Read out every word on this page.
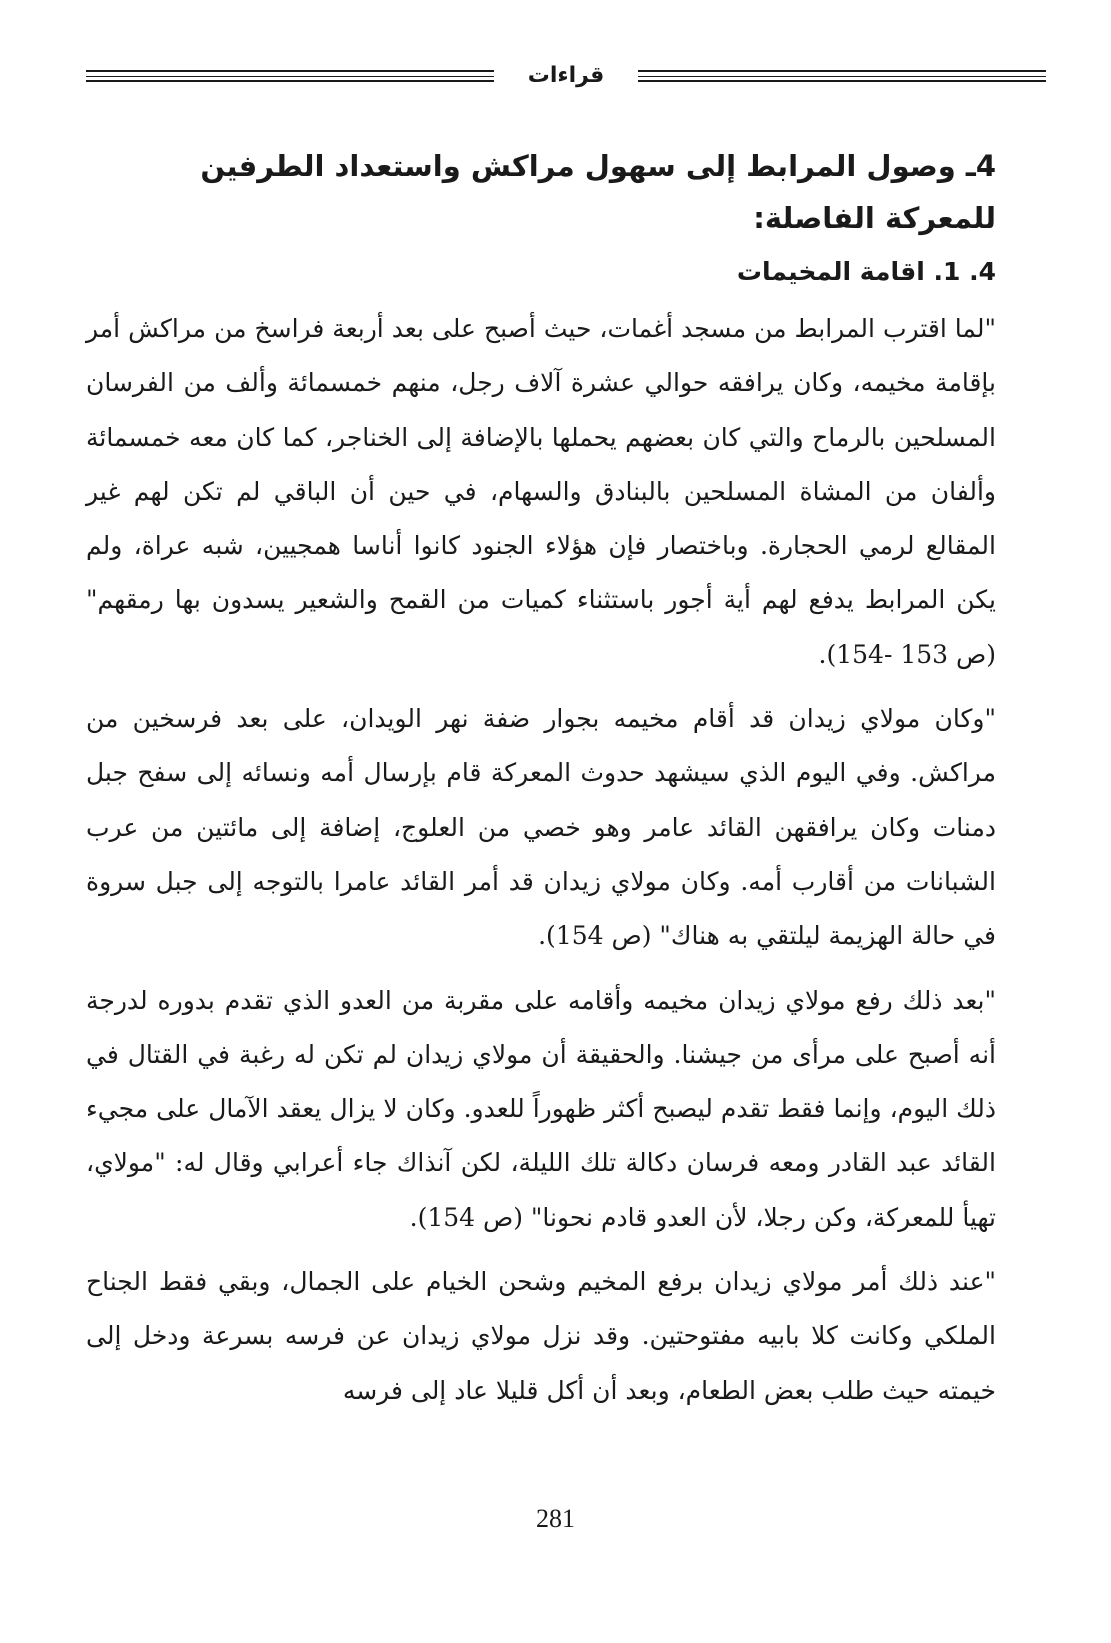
قراءات
4ـ وصول المرابط إلى سهول مراكش واستعداد الطرفين للمعركة الفاصلة:
4. 1. اقامة المخيمات

"لما اقترب المرابط من مسجد أغمات، حيث أصبح على بعد أربعة فراسخ من مراكش أمر بإقامة مخيمه، وكان يرافقه حوالي عشرة آلاف رجل، منهم خمسمائة وألف من الفرسان المسلحين بالرماح والتي كان بعضهم يحملها بالإضافة إلى الخناجر، كما كان معه خمسمائة وألفان من المشاة المسلحين بالبنادق والسهام، في حين أن الباقي لم تكن لهم غير المقالع لرمي الحجارة. وباختصار فإن هؤلاء الجنود كانوا أناسا همجيين، شبه عراة، ولم يكن المرابط يدفع لهم أية أجور باستثناء كميات من القمح والشعير يسدون بها رمقهم"(ص 153 -154).

"وكان مولاي زيدان قد أقام مخيمه بجوار ضفة نهر الويدان، على بعد فرسخين من مراكش. وفي اليوم الذي سيشهد حدوث المعركة قام بإرسال أمه ونسائه إلى سفح جبل دمنات وكان يرافقهن القائد عامر وهو خصي من العلوج، إضافة إلى مائتين من عرب الشبانات من أقارب أمه. وكان مولاي زيدان قد أمر القائد عامرا بالتوجه إلى جبل سروة في حالة الهزيمة ليلتقي به هناك" (ص 154).

"بعد ذلك رفع مولاي زيدان مخيمه وأقامه على مقربة من العدو الذي تقدم بدوره لدرجة أنه أصبح على مرأى من جيشنا. والحقيقة أن مولاي زيدان لم تكن له رغبة في القتال في ذلك اليوم، وإنما فقط تقدم ليصبح أكثر ظهوراً للعدو. وكان لا يزال يعقد الآمال على مجيء القائد عبد القادر ومعه فرسان دكالة تلك الليلة، لكن آنذاك جاء أعرابي وقال له: "مولاي، تهيأ للمعركة، وكن رجلا، لأن العدو قادم نحونا" (ص 154).

"عند ذلك أمر مولاي زيدان برفع المخيم وشحن الخيام على الجمال، وبقي فقط الجناح الملكي وكانت كلا بابيه مفتوحتين. وقد نزل مولاي زيدان عن فرسه بسرعة ودخل إلى خيمته حيث طلب بعض الطعام، وبعد أن أكل قليلا عاد إلى فرسه

281
